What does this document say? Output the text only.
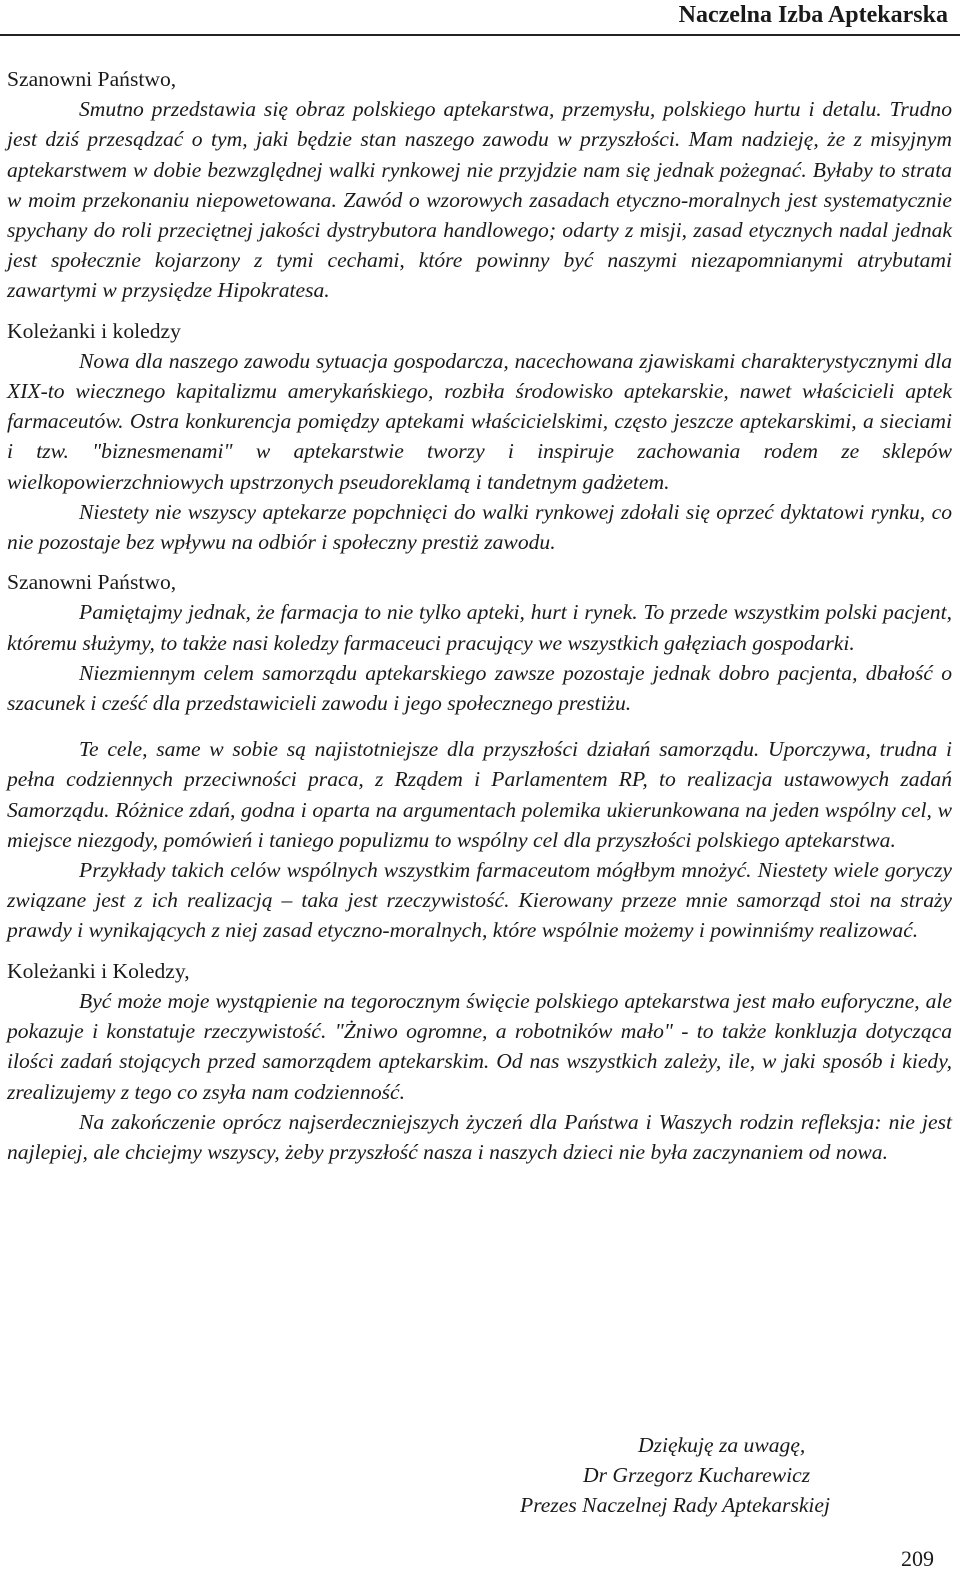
Naczelna Izba Aptekarska

Szanowni Państwo,

Smutno przedstawia się obraz polskiego aptekarstwa, przemysłu, polskiego hurtu i detalu. Trudno jest dziś przesądzać o tym, jaki będzie stan naszego zawodu w przyszłości. Mam nadzieję, że z misyjnym aptekarstwem w dobie bezwzględnej walki rynkowej nie przyjdzie nam się jednak pożegnać. Byłaby to strata w moim przekonaniu niepowetowana. Zawód o wzorowych zasadach etyczno-moralnych jest systematycznie spychany do roli przeciętnej jakości dystrybutora handlowego; odarty z misji, zasad etycznych nadal jednak jest społecznie kojarzony z tymi cechami, które powinny być naszymi niezapomnianymi atrybutami zawartymi w przysiędze Hipokratesa.

Koleżanki i koledzy

Nowa dla naszego zawodu sytuacja gospodarcza, nacechowana zjawiskami charakterystycznymi dla XIX-to wiecznego kapitalizmu amerykańskiego, rozbiła środowisko aptekarskie, nawet właścicieli aptek farmaceutów. Ostra konkurencja pomiędzy aptekami właścicielskimi, często jeszcze aptekarskimi, a sieciami i tzw. "biznesmenami" w aptekarstwie tworzy i inspiruje zachowania rodem ze sklepów wielkopowierzchniowych upstrzonych pseudoreklamą i tandetnym gadżetem.

Niestety nie wszyscy aptekarze popchnięci do walki rynkowej zdołali się oprzeć dyktatowi rynku, co nie pozostaje bez wpływu na odbiór i społeczny prestiż zawodu.

Szanowni Państwo,

Pamiętajmy jednak, że farmacja to nie tylko apteki, hurt i rynek. To przede wszystkim polski pacjent, któremu służymy, to także nasi koledzy farmaceuci pracujący we wszystkich gałęziach gospodarki.

Niezmiennym celem samorządu aptekarskiego zawsze pozostaje jednak dobro pacjenta, dbałość o szacunek i cześć dla przedstawicieli zawodu i jego społecznego prestiżu.

Te cele, same w sobie są najistotniejsze dla przyszłości działań samorządu. Uporczywa, trudna i pełna codziennych przeciwności praca, z Rządem i Parlamentem RP, to realizacja ustawowych zadań Samorządu. Różnice zdań, godna i oparta na argumentach polemika ukierunkowana na jeden wspólny cel, w miejsce niezgody, pomówień i taniego populizmu to wspólny cel dla przyszłości polskiego aptekarstwa.

Przykłady takich celów wspólnych wszystkim farmaceutom mógłbym mnożyć. Niestety wiele goryczy związane jest z ich realizacją – taka jest rzeczywistość. Kierowany przeze mnie samorząd stoi na straży prawdy i wynikających z niej zasad etyczno-moralnych, które wspólnie możemy i powinniśmy realizować.

Koleżanki i Koledzy,

Być może moje wystąpienie na tegorocznym święcie polskiego aptekarstwa jest mało euforyczne, ale pokazuje i konstatuje rzeczywistość. "Żniwo ogromne, a robotników mało" - to także konkluzja dotycząca ilości zadań stojących przed samorządem aptekarskim. Od nas wszystkich zależy, ile, w jaki sposób i kiedy, zrealizujemy z tego co zsyła nam codzienność.

Na zakończenie oprócz najserdeczniejszych życzeń dla Państwa i Waszych rodzin refleksja: nie jest najlepiej, ale chciejmy wszyscy, żeby przyszłość nasza i naszych dzieci nie była zaczynaniem od nowa.

Dziękuję za uwagę,

Dr Grzegorz Kucharewicz

Prezes Naczelnej Rady Aptekarskiej

209
